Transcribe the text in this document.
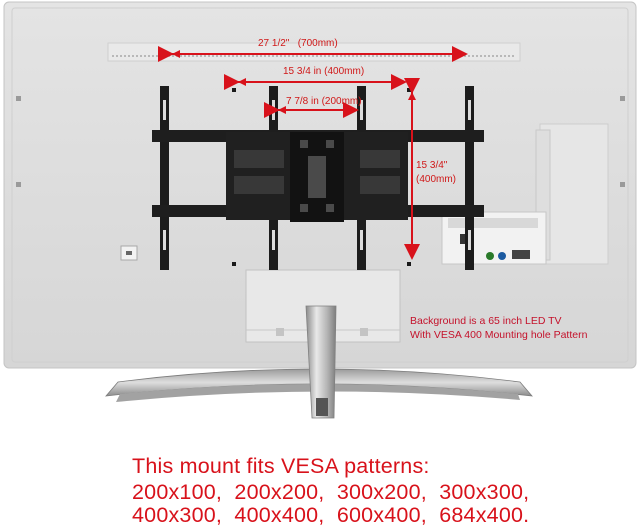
27 1/2"   (700mm)
15 3/4 in (400mm)
7 7/8 in (200mm)
15 3/4"
(400mm)
Background is a 65 inch LED TV
With VESA 400 Mounting hole Pattern
This mount fits VESA patterns:
200x100,  200x200,  300x200,  300x300,
400x300,  400x400,  600x400,  684x400.
